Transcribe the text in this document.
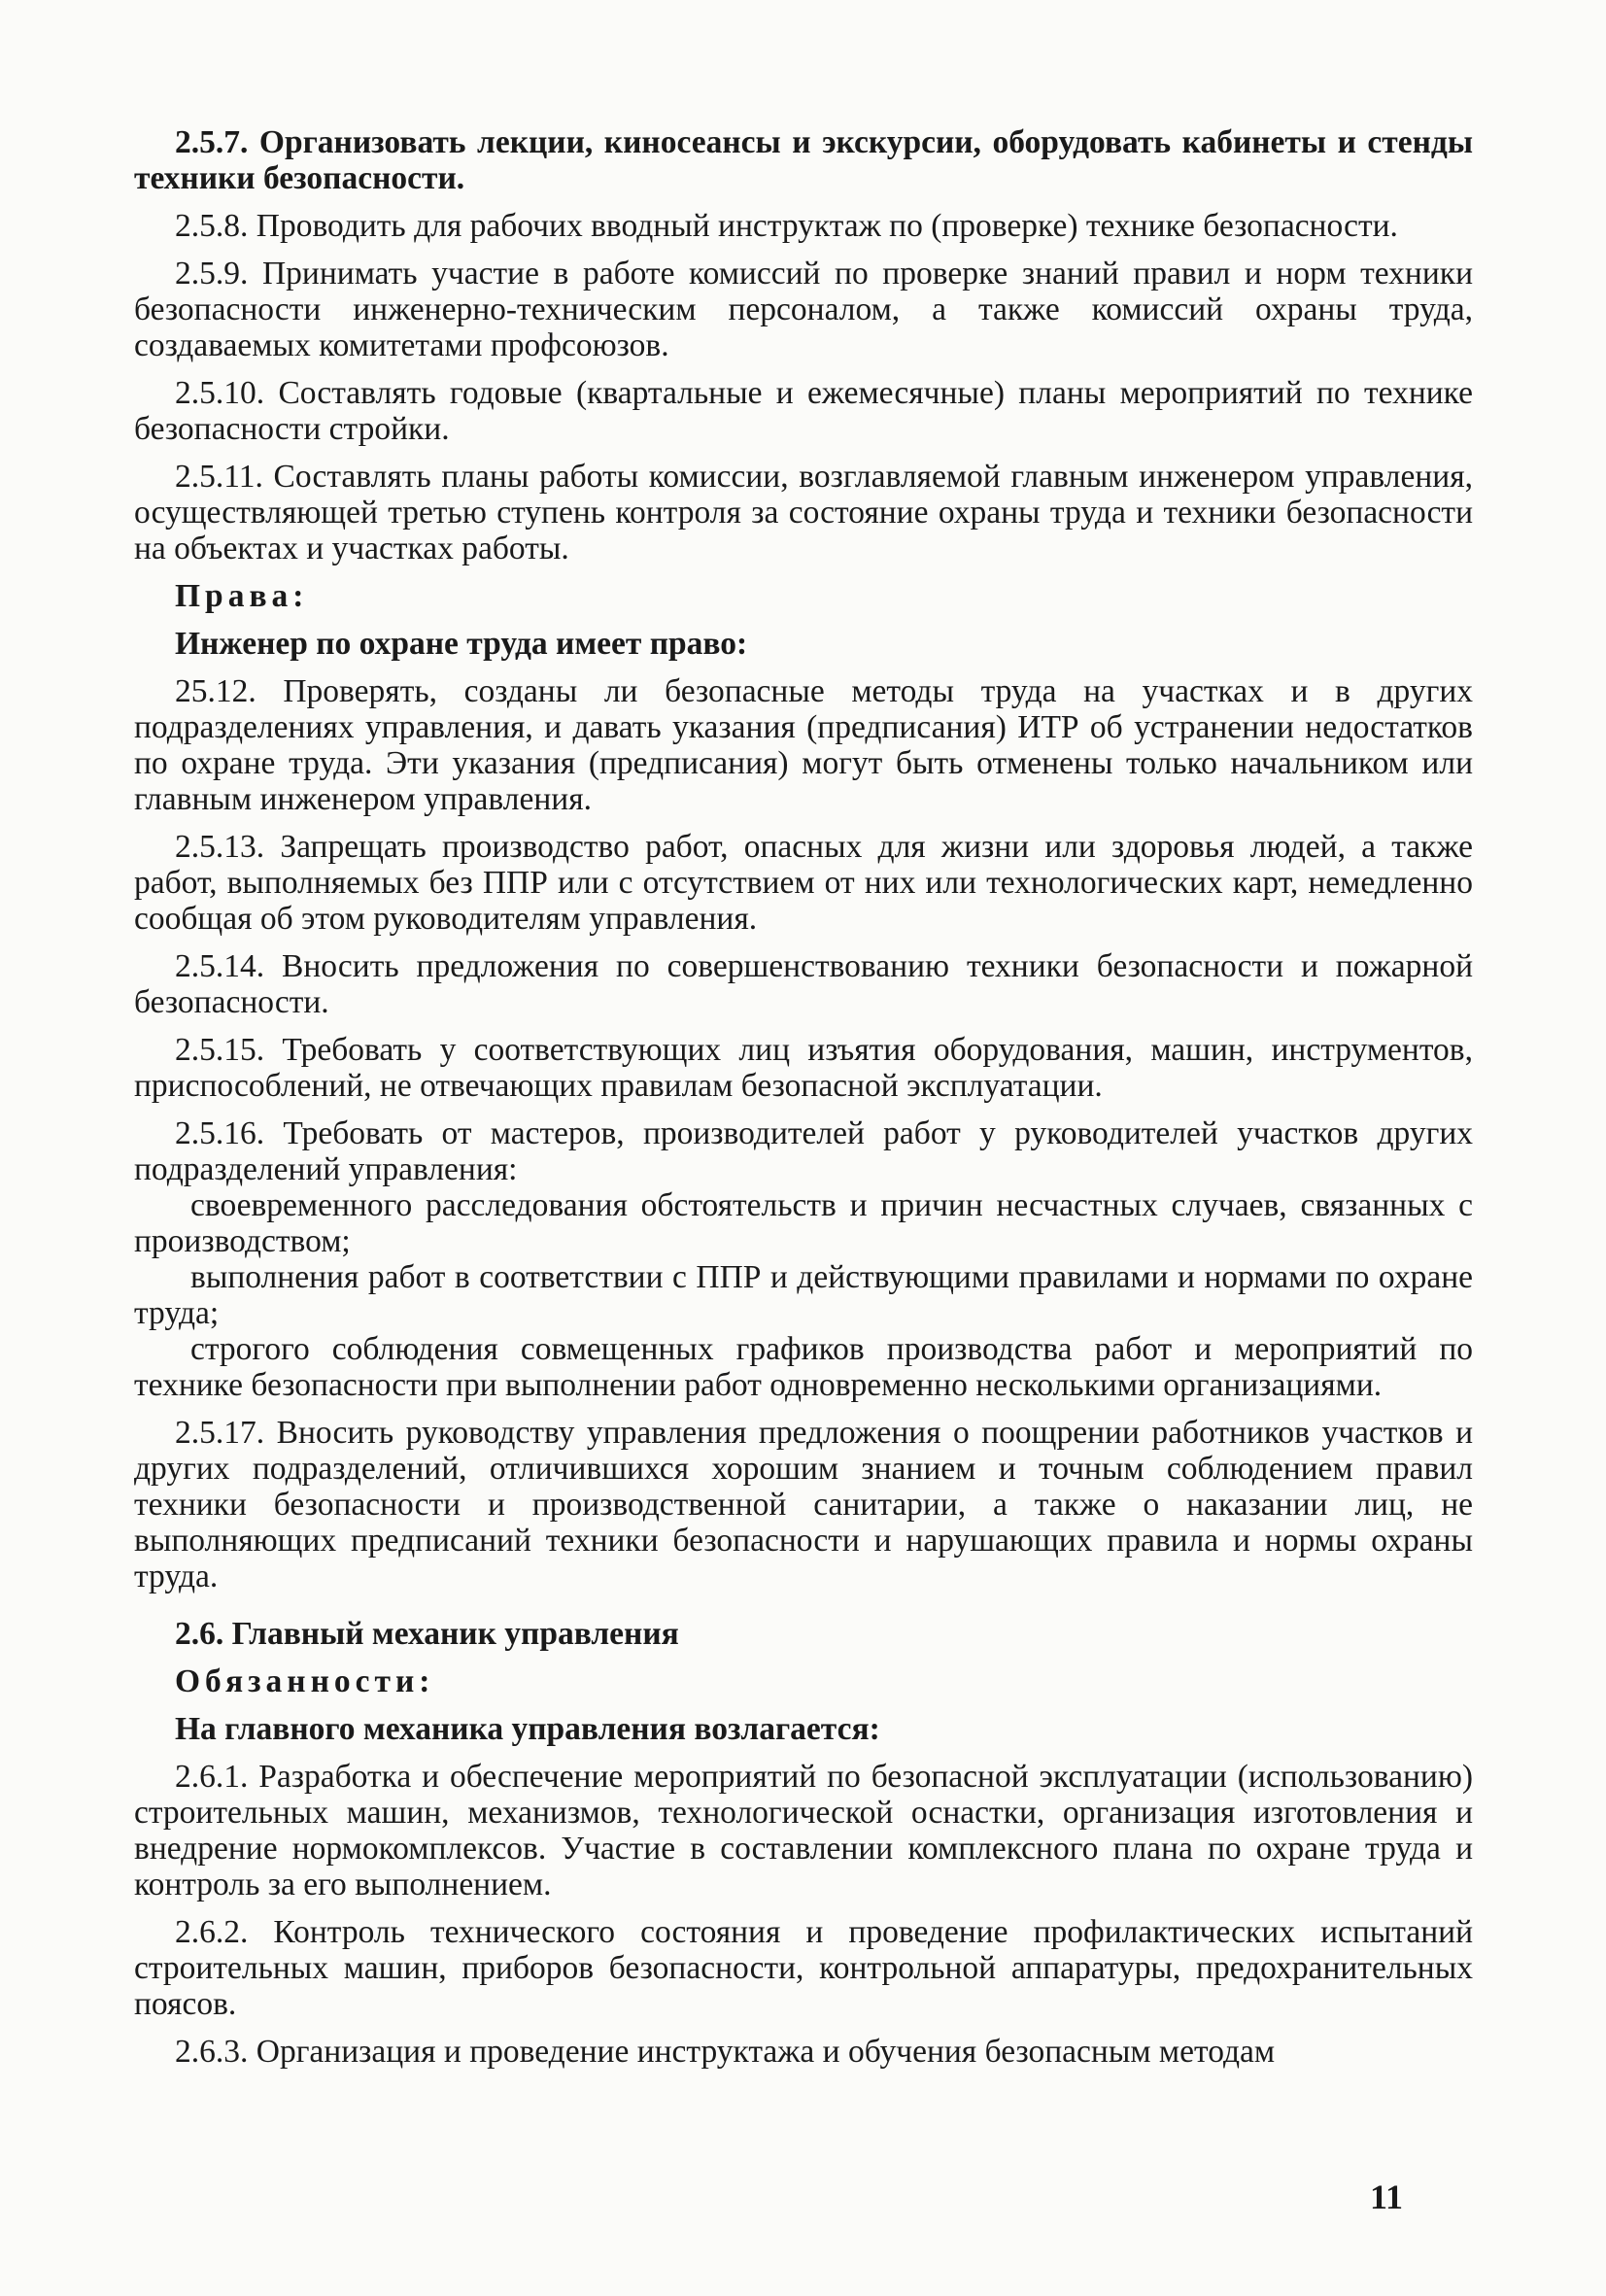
2.5.7. Организовать лекции, киносеансы и экскурсии, оборудовать кабинеты и стенды техники безопасности.

2.5.8. Проводить для рабочих вводный инструктаж по (проверке) технике безопасности.

2.5.9. Принимать участие в работе комиссий по проверке знаний правил и норм техники безопасности инженерно-техническим персоналом, а также комиссий охраны труда, создаваемых комитетами профсоюзов.

2.5.10. Составлять годовые (квартальные и ежемесячные) планы мероприятий по технике безопасности стройки.

2.5.11. Составлять планы работы комиссии, возглавляемой главным инженером управления, осуществляющей третью ступень контроля за состояние охраны труда и техники безопасности на объектах и участках работы.

Права:
Инженер по охране труда имеет право:

25.12. Проверять, созданы ли безопасные методы труда на участках и в других подразделениях управления, и давать указания (предписания) ИТР об устранении недостатков по охране труда. Эти указания (предписания) могут быть отменены только начальником или главным инженером управления.

2.5.13. Запрещать производство работ, опасных для жизни или здоровья людей, а также работ, выполняемых без ППР или с отсутствием от них или технологических карт, немедленно сообщая об этом руководителям управления.

2.5.14. Вносить предложения по совершенствованию техники безопасности и пожарной безопасности.

2.5.15. Требовать у соответствующих лиц изъятия оборудования, машин, инструментов, приспособлений, не отвечающих правилам безопасной эксплуатации.

2.5.16. Требовать от мастеров, производителей работ у руководителей участков других подразделений управления:

своевременного расследования обстоятельств и причин несчастных случаев, связанных с производством;

выполнения работ в соответствии с ППР и действующими правилами и нормами по охране труда;

строгого соблюдения совмещенных графиков производства работ и мероприятий по технике безопасности при выполнении работ одновременно несколькими организациями.

2.5.17. Вносить руководству управления предложения о поощрении работников участков и других подразделений, отличившихся хорошим знанием и точным соблюдением правил техники безопасности и производственной санитарии, а также о наказании лиц, не выполняющих предписаний техники безопасности и нарушающих правила и нормы охраны труда.

2.6. Главный механик управления
Обязанности:
На главного механика управления возлагается:

2.6.1. Разработка и обеспечение мероприятий по безопасной эксплуатации (использованию) строительных машин, механизмов, технологической оснастки, организация изготовления и внедрение нормокомплексов. Участие в составлении комплексного плана по охране труда и контроль за его выполнением.

2.6.2. Контроль технического состояния и проведение профилактических испытаний строительных машин, приборов безопасности, контрольной аппаратуры, предохранительных поясов.

2.6.3. Организация и проведение инструктажа и обучения безопасным методам

11
